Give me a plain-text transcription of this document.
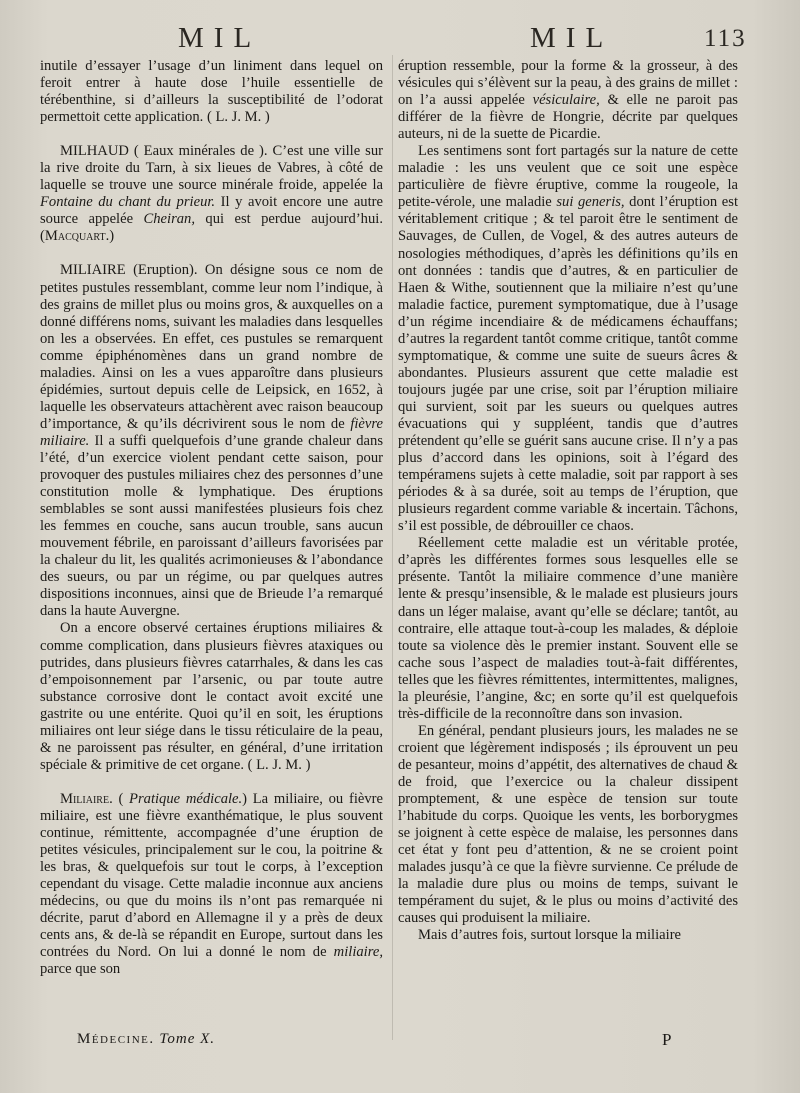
MIL	MIL	113

inutile d’essayer l’usage d’un liniment dans lequel on feroit entrer à haute dose l’huile essentielle de térébenthine, si d’ailleurs la susceptibilité de l’odorat permettoit cette application. ( L. J. M. )

MILHAUD ( Eaux minérales de ). C’est une ville sur la rive droite du Tarn, à six lieues de Vabres, à côté de laquelle se trouve une source minérale froide, appelée la Fontaine du chant du prieur. Il y avoit encore une autre source appelée Cheiran, qui est perdue aujourd’hui. (Macquart.)

MILIAIRE (Eruption). On désigne sous ce nom de petites pustules ressemblant, comme leur nom l’indique, à des grains de millet plus ou moins gros, & auxquelles on a donné différens noms, suivant les maladies dans lesquelles on les a observées. En effet, ces pustules se remarquent comme épiphénomènes dans un grand nombre de maladies. Ainsi on les a vues apparoître dans plusieurs épidémies, surtout depuis celle de Leipsick, en 1652, à laquelle les observateurs attachèrent avec raison beaucoup d’importance, & qu’ils décrivirent sous le nom de fièvre miliaire. Il a suffi quelquefois d’une grande chaleur dans l’été, d’un exercice violent pendant cette saison, pour provoquer des pustules miliaires chez des personnes d’une constitution molle & lymphatique. Des éruptions semblables se sont aussi manifestées plusieurs fois chez les femmes en couche, sans aucun trouble, sans aucun mouvement fébrile, en paroissant d’ailleurs favorisées par la chaleur du lit, les qualités acrimonieuses & l’abondance des sueurs, ou par un régime, ou par quelques autres dispositions inconnues, ainsi que de Brieude l’a remarqué dans la haute Auvergne.

On a encore observé certaines éruptions miliaires & comme complication, dans plusieurs fièvres ataxiques ou putrides, dans plusieurs fièvres catarrhales, & dans les cas d’empoisonnement par l’arsenic, ou par toute autre substance corrosive dont le contact avoit excité une gastrite ou une entérite. Quoi qu’il en soit, les éruptions miliaires ont leur siége dans le tissu réticulaire de la peau, & ne paroissent pas résulter, en général, d’une irritation spéciale & primitive de cet organe. ( L. J. M. )

Miliaire. ( Pratique médicale.) La miliaire, ou fièvre miliaire, est une fièvre exanthématique, le plus souvent continue, rémittente, accompagnée d’une éruption de petites vésicules, principalement sur le cou, la poitrine & les bras, & quelquefois sur tout le corps, à l’exception cependant du visage. Cette maladie inconnue aux anciens médecins, ou que du moins ils n’ont pas remarquée ni décrite, parut d’abord en Allemagne il y a près de deux cents ans, & de-là se répandit en Europe, surtout dans les contrées du Nord. On lui a donné le nom de miliaire, parce que son

éruption ressemble, pour la forme & la grosseur, à des vésicules qui s’élèvent sur la peau, à des grains de millet : on l’a aussi appelée vésiculaire, & elle ne paroit pas différer de la fièvre de Hongrie, décrite par quelques auteurs, ni de la suette de Picardie.

Les sentimens sont fort partagés sur la nature de cette maladie : les uns veulent que ce soit une espèce particulière de fièvre éruptive, comme la rougeole, la petite-vérole, une maladie sui generis, dont l’éruption est véritablement critique ; & tel paroit être le sentiment de Sauvages, de Cullen, de Vogel, & des autres auteurs de nosologies méthodiques, d’après les définitions qu’ils en ont données : tandis que d’autres, & en particulier de Haen & Withe, soutiennent que la miliaire n’est qu’une maladie factice, purement symptomatique, due à l’usage d’un régime incendiaire & de médicamens échauffans; d’autres la regardent tantôt comme critique, tantôt comme symptomatique, & comme une suite de sueurs âcres & abondantes. Plusieurs assurent que cette maladie est toujours jugée par une crise, soit par l’éruption miliaire qui survient, soit par les sueurs ou quelques autres évacuations qui y suppléent, tandis que d’autres prétendent qu’elle se guérit sans aucune crise. Il n’y a pas plus d’accord dans les opinions, soit à l’égard des tempéramens sujets à cette maladie, soit par rapport à ses périodes & à sa durée, soit au temps de l’éruption, que plusieurs regardent comme variable & incertain. Tâchons, s’il est possible, de débrouiller ce chaos.

Réellement cette maladie est un véritable protée, d’après les différentes formes sous lesquelles elle se présente. Tantôt la miliaire commence d’une manière lente & presqu’insensible, & le malade est plusieurs jours dans un léger malaise, avant qu’elle se déclare; tantôt, au contraire, elle attaque tout-à-coup les malades, & déploie toute sa violence dès le premier instant. Souvent elle se cache sous l’aspect de maladies tout-à-fait différentes, telles que les fièvres rémittentes, intermittentes, malignes, la pleurésie, l’angine, &c; en sorte qu’il est quelquefois très-difficile de la reconnoître dans son invasion.

En général, pendant plusieurs jours, les malades ne se croient que légèrement indisposés ; ils éprouvent un peu de pesanteur, moins d’appétit, des alternatives de chaud & de froid, que l’exercice ou la chaleur dissipent promptement, & une espèce de tension sur toute l’habitude du corps. Quoique les vents, les borborygmes se joignent à cette espèce de malaise, les personnes dans cet état y font peu d’attention, & ne se croient point malades jusqu’à ce que la fièvre survienne. Ce prélude de la maladie dure plus ou moins de temps, suivant le tempérament du sujet, & le plus ou moins d’activité des causes qui produisent la miliaire.

Mais d’autres fois, surtout lorsque la miliaire

Médecine. Tome X.	P
